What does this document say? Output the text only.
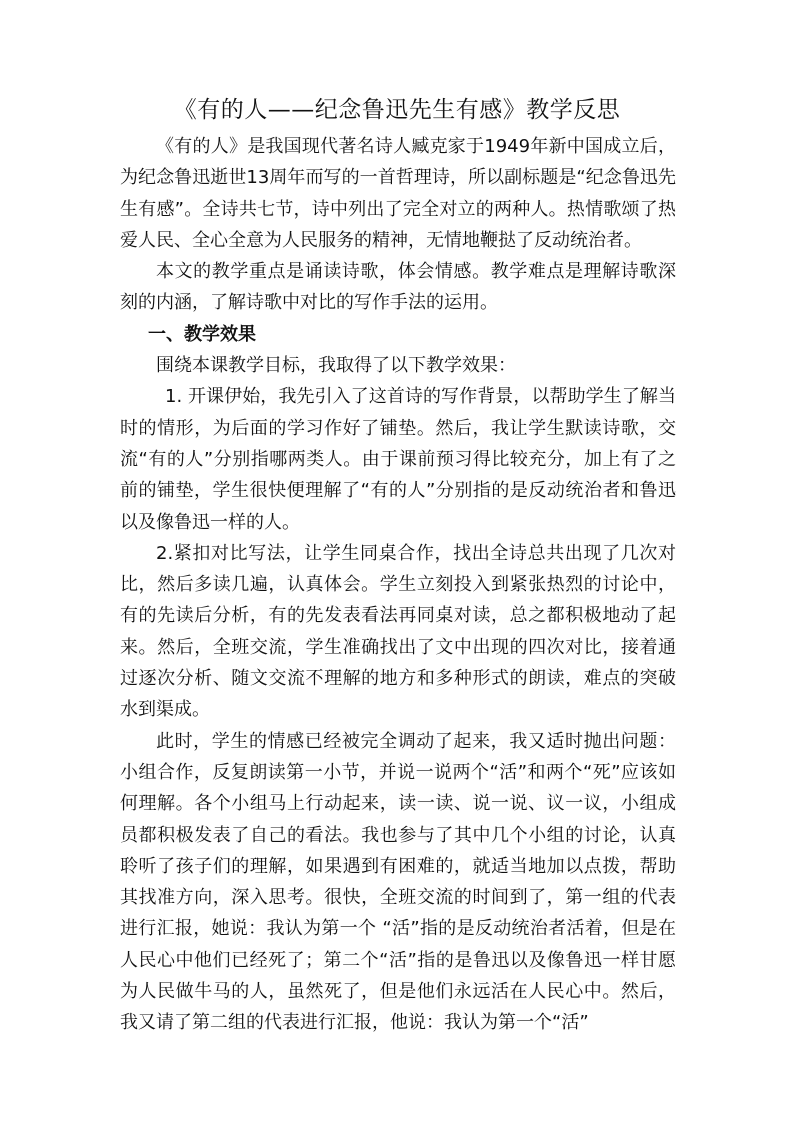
《有的人——纪念鲁迅先生有感》教学反思

《有的人》是我国现代著名诗人臧克家于1949年新中国成立后，为纪念鲁迅逝世13周年而写的一首哲理诗，所以副标题是“纪念鲁迅先生有感”。全诗共七节，诗中列出了完全对立的两种人。热情歌颂了热爱人民、全心全意为人民服务的精神，无情地鞭挞了反动统治者。

本文的教学重点是诵读诗歌，体会情感。教学难点是理解诗歌深刻的内涵，了解诗歌中对比的写作手法的运用。

一、教学效果

围绕本课教学目标，我取得了以下教学效果：

1. 开课伊始，我先引入了这首诗的写作背景，以帮助学生了解当时的情形，为后面的学习作好了铺垫。然后，我让学生默读诗歌，交流“有的人”分别指哪两类人。由于课前预习得比较充分，加上有了之前的铺垫，学生很快便理解了“有的人”分别指的是反动统治者和鲁迅以及像鲁迅一样的人。

2.紧扣对比写法，让学生同桌合作，找出全诗总共出现了几次对比，然后多读几遍，认真体会。学生立刻投入到紧张热烈的讨论中，有的先读后分析，有的先发表看法再同桌对读，总之都积极地动了起来。然后，全班交流，学生准确找出了文中出现的四次对比，接着通过逐次分析、随文交流不理解的地方和多种形式的朗读，难点的突破水到渠成。

此时，学生的情感已经被完全调动了起来，我又适时抛出问题：小组合作，反复朗读第一小节，并说一说两个“活”和两个“死”应该如何理解。各个小组马上行动起来，读一读、说一说、议一议，小组成员都积极发表了自己的看法。我也参与了其中几个小组的讨论，认真聆听了孩子们的理解，如果遇到有困难的，就适当地加以点拨，帮助其找准方向，深入思考。很快，全班交流的时间到了，第一组的代表进行汇报，她说：我认为第一个 “活”指的是反动统治者活着，但是在人民心中他们已经死了；第二个“活”指的是鲁迅以及像鲁迅一样甘愿为人民做牛马的人，虽然死了，但是他们永远活在人民心中。然后，我又请了第二组的代表进行汇报，他说：我认为第一个“活”
